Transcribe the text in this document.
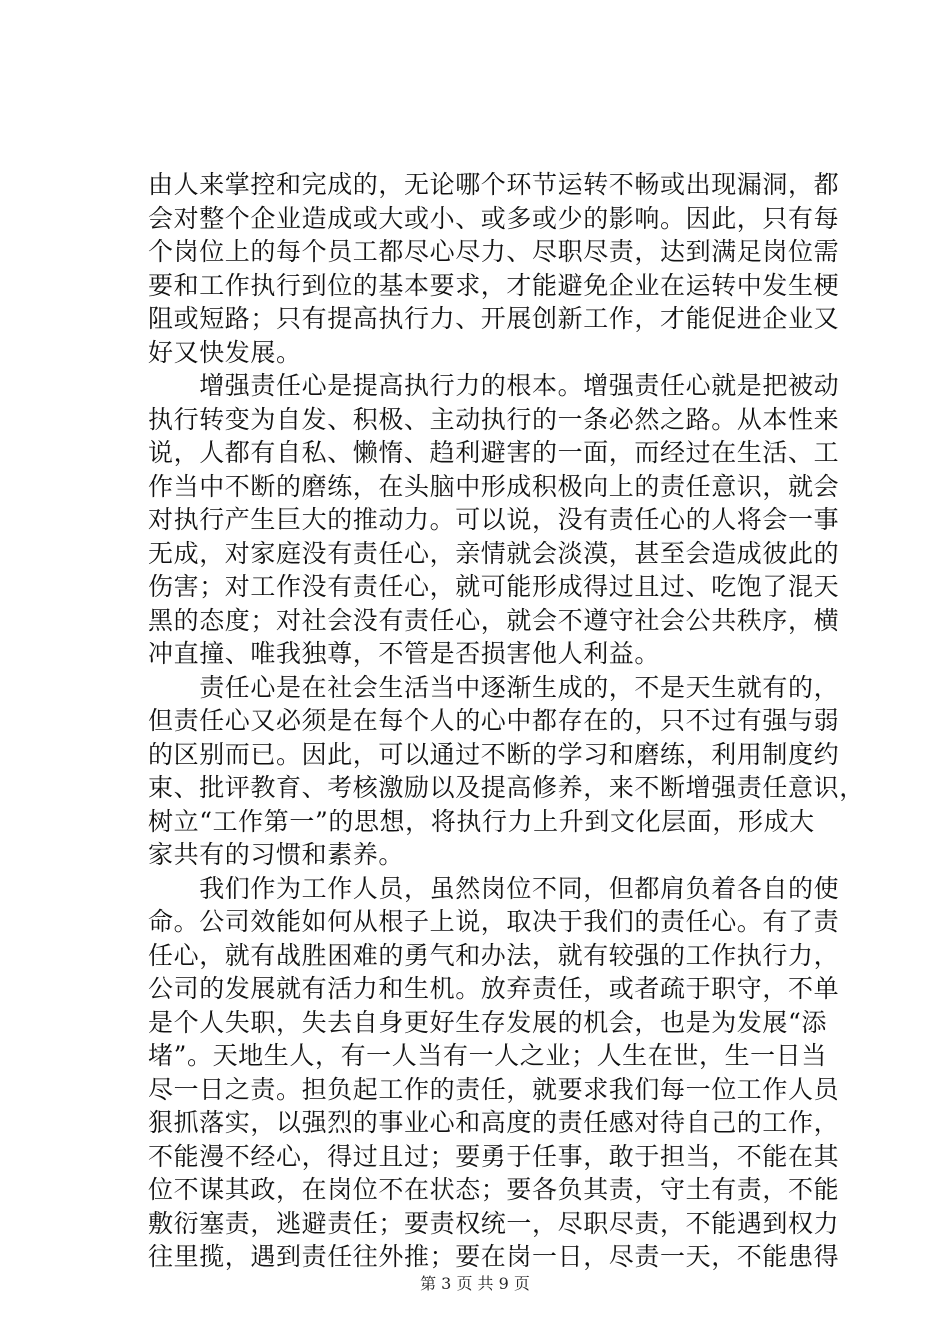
由人来掌控和完成的，无论哪个环节运转不畅或出现漏洞，都
会对整个企业造成或大或小、或多或少的影响。因此，只有每
个岗位上的每个员工都尽心尽力、尽职尽责，达到满足岗位需
要和工作执行到位的基本要求，才能避免企业在运转中发生梗
阻或短路；只有提高执行力、开展创新工作，才能促进企业又
好又快发展。
　　增强责任心是提高执行力的根本。增强责任心就是把被动
执行转变为自发、积极、主动执行的一条必然之路。从本性来
说，人都有自私、懒惰、趋利避害的一面，而经过在生活、工
作当中不断的磨练，在头脑中形成积极向上的责任意识，就会
对执行产生巨大的推动力。可以说，没有责任心的人将会一事
无成，对家庭没有责任心，亲情就会淡漠，甚至会造成彼此的
伤害；对工作没有责任心，就可能形成得过且过、吃饱了混天
黑的态度；对社会没有责任心，就会不遵守社会公共秩序，横
冲直撞、唯我独尊，不管是否损害他人利益。
　　责任心是在社会生活当中逐渐生成的，不是天生就有的，
但责任心又必须是在每个人的心中都存在的，只不过有强与弱
的区别而已。因此，可以通过不断的学习和磨练，利用制度约
束、批评教育、考核激励以及提高修养，来不断增强责任意识，
树立“工作第一”的思想，将执行力上升到文化层面，形成大
家共有的习惯和素养。
　　我们作为工作人员，虽然岗位不同，但都肩负着各自的使
命。公司效能如何从根子上说，取决于我们的责任心。有了责
任心，就有战胜困难的勇气和办法，就有较强的工作执行力，
公司的发展就有活力和生机。放弃责任，或者疏于职守，不单
是个人失职，失去自身更好生存发展的机会，也是为发展“添
堵”。天地生人，有一人当有一人之业；人生在世，生一日当
尽一日之责。担负起工作的责任，就要求我们每一位工作人员
狠抓落实，以强烈的事业心和高度的责任感对待自己的工作，
不能漫不经心，得过且过；要勇于任事，敢于担当，不能在其
位不谋其政，在岗位不在状态；要各负其责，守土有责，不能
敷衍塞责，逃避责任；要责权统一，尽职尽责，不能遇到权力
往里揽，遇到责任往外推；要在岗一日，尽责一天，不能患得
第 3 页 共 9 页
